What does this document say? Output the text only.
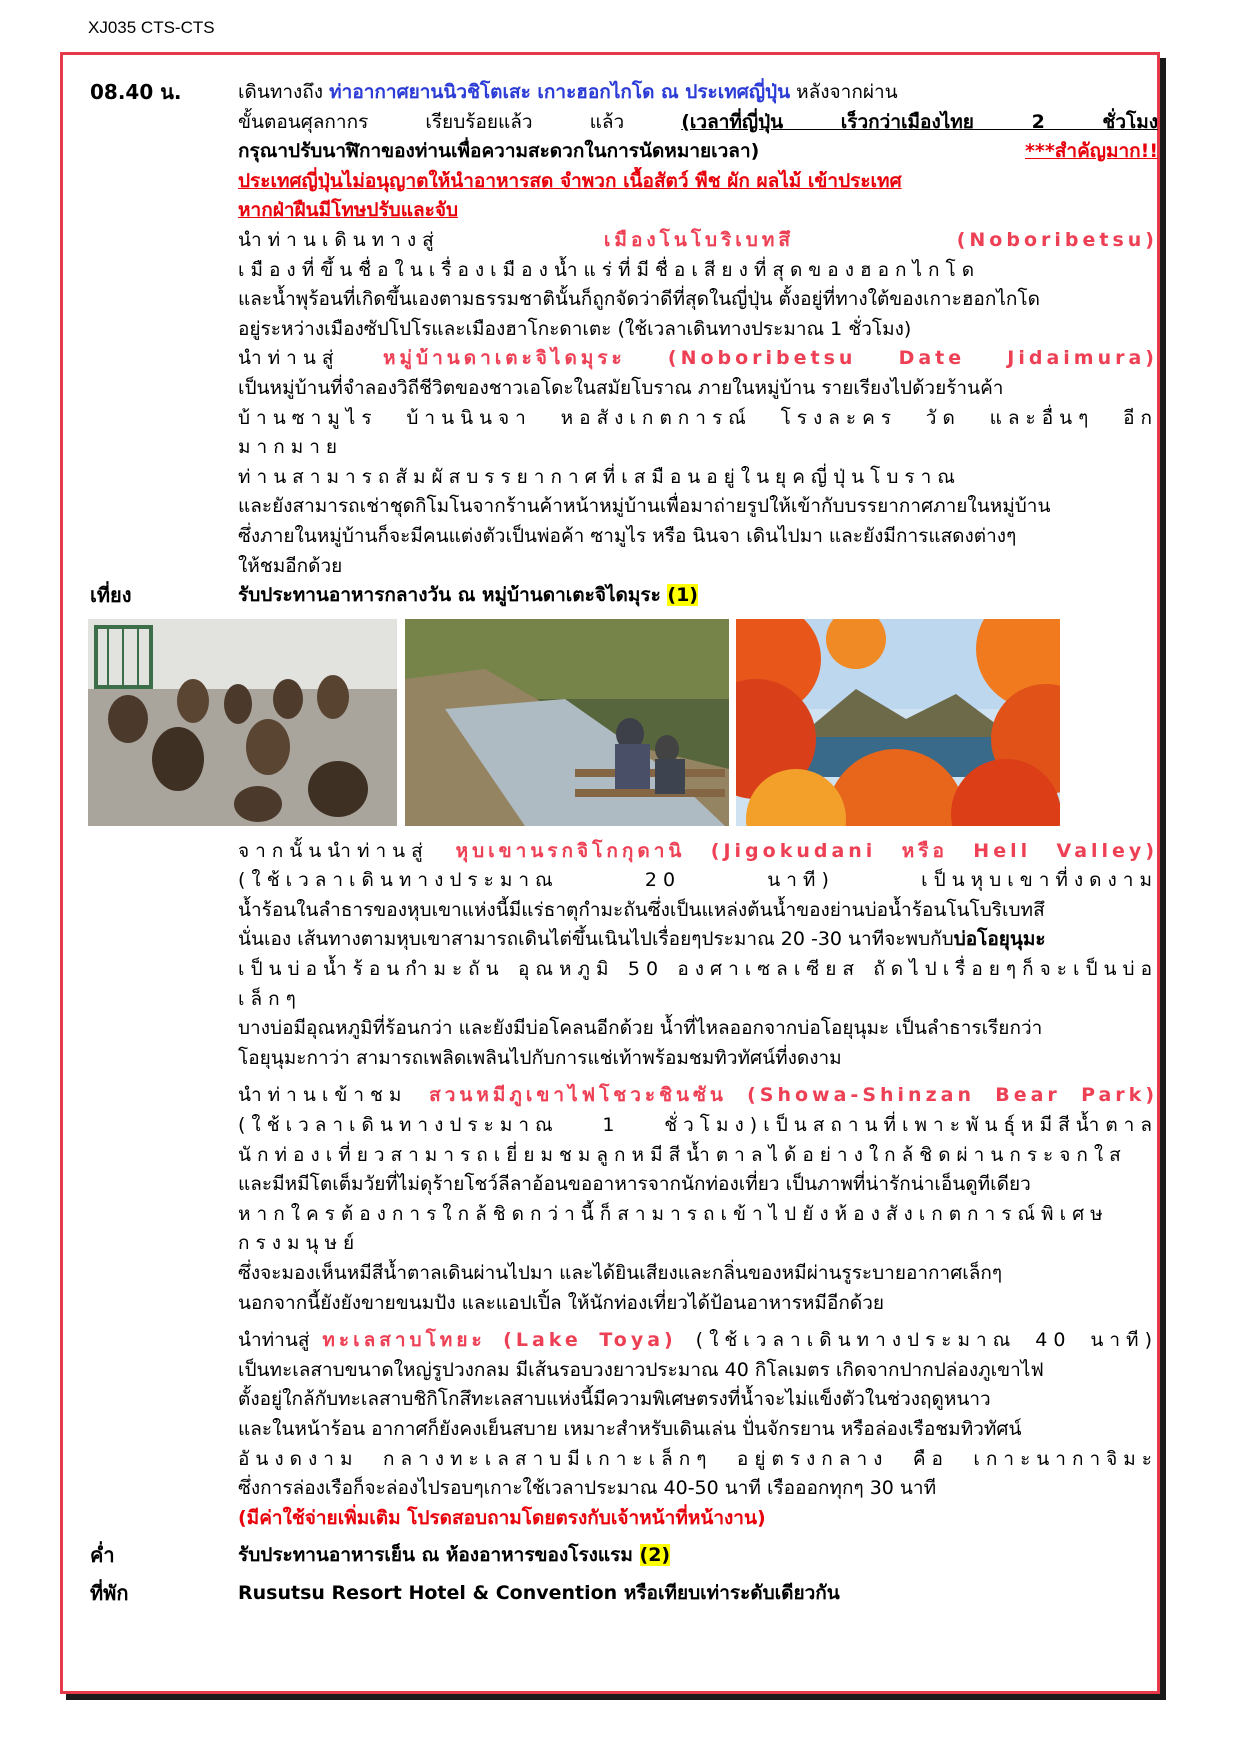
XJ035 CTS-CTS
08.40 น.	เดินทางถึง ท่าอากาศยานนิวชิโตเสะ เกาะฮอกไกโด ณ ประเทศญี่ปุ่น หลังจากผ่าน
ขั้นตอนศุลกากร เรียบร้อยแล้ว แล้ว (เวลาที่ญี่ปุ่น เร็วกว่าเมืองไทย 2 ชั่วโมง
กรุณาปรับนาฬิกาของท่านเพื่อความสะดวกในการนัดหมายเวลา) ***สำคัญมาก!!
ประเทศญี่ปุ่นไม่อนุญาตให้นำอาหารสด จำพวก เนื้อสัตว์ พืช ผัก ผลไม้ เข้าประเทศ
หากฝ่าฝืนมีโทษปรับและจับ
นำท่านเดินทางสู่ เมืองโนโบริเบทสึ (Noboribetsu)
เมืองที่ขึ้นชื่อในเรื่องเมืองน้ำแร่ที่มีชื่อเสียงที่สุดของฮอกไกโด
และน้ำพุร้อนที่เกิดขึ้นเองตามธรรมชาตินั้นก็ถูกจัดว่าดีที่สุดในญี่ปุ่น ตั้งอยู่ที่ทางใต้ของเกาะฮอกไกโด
อยู่ระหว่างเมืองซัปโปโรและเมืองฮาโกะดาเตะ (ใช้เวลาเดินทางประมาณ 1 ชั่วโมง)
นำท่านสู่ หมู่บ้านดาเตะจิไดมุระ (Noboribetsu Date Jidaimura)
เป็นหมู่บ้านที่จำลองวิถีชีวิตของชาวเอโดะในสมัยโบราณ ภายในหมู่บ้าน รายเรียงไปด้วยร้านค้า
บ้านซามูไร บ้านนินจา หอสังเกตการณ์ โรงละคร วัด และอื่นๆ อีกมากมาย
ท่านสามารถสัมผัสบรรยากาศที่เสมือนอยู่ในยุคญี่ปุ่นโบราณ
และยังสามารถเช่าชุดกิโมโนจากร้านค้าหน้าหมู่บ้านเพื่อมาถ่ายรูปให้เข้ากับบรรยากาศภายในหมู่บ้าน
ซึ่งภายในหมู่บ้านก็จะมีคนแต่งตัวเป็นพ่อค้า ซามูไร หรือ นินจา เดินไปมา และยังมีการแสดงต่างๆ
ให้ชมอีกด้วย
เที่ยง	รับประทานอาหารกลางวัน ณ หมู่บ้านดาเตะจิไดมุระ (1)
จากนั้นนำท่านสู่ หุบเขานรกจิโกกุดานิ (Jigokudani หรือ Hell Valley)
(ใช้เวลาเดินทางประมาณ 20 นาที) เป็นหุบเขาที่งดงาม
น้ำร้อนในลำธารของหุบเขาแห่งนี้มีแร่ธาตุกำมะถันซึ่งเป็นแหล่งต้นน้ำของย่านบ่อน้ำร้อนโนโบริเบทสึ
นั่นเอง เส้นทางตามหุบเขาสามารถเดินไต่ขึ้นเนินไปเรื่อยๆประมาณ 20 -30 นาทีจะพบกับบ่อโอยุนุมะ
เป็นบ่อน้ำร้อนกำมะถัน อุณหภูมิ 50 องศาเซลเซียส ถัดไปเรื่อยๆก็จะเป็นบ่อเล็กๆ
บางบ่อมีอุณหภูมิที่ร้อนกว่า และยังมีบ่อโคลนอีกด้วย น้ำที่ไหลออกจากบ่อโอยุนุมะ เป็นลำธารเรียกว่า
โอยุนุมะกาว่า สามารถเพลิดเพลินไปกับการแช่เท้าพร้อมชมทิวทัศน์ที่งดงาม
นำท่านเข้าชม สวนหมีภูเขาไฟโชวะชินซัน (Showa-Shinzan Bear Park)
(ใช้เวลาเดินทางประมาณ 1 ชั่วโมง)เป็นสถานที่เพาะพันธุ์หมีสีน้ำตาล
นักท่องเที่ยวสามารถเยี่ยมชมลูกหมีสีน้ำตาลได้อย่างใกล้ชิดผ่านกระจกใส
และมีหมีโตเต็มวัยที่ไม่ดุร้ายโชว์ลีลาอ้อนขออาหารจากนักท่องเที่ยว เป็นภาพที่น่ารักน่าเอ็นดูทีเดียว
หากใครต้องการใกล้ชิดกว่านี้ก็สามารถเข้าไปยังห้องสังเกตการณ์พิเศษ กรงมนุษย์
ซึ่งจะมองเห็นหมีสีน้ำตาลเดินผ่านไปมา และได้ยินเสียงและกลิ่นของหมีผ่านรูระบายอากาศเล็กๆ
นอกจากนี้ยังยังขายขนมปัง และแอปเปิ้ล ให้นักท่องเที่ยวได้ป้อนอาหารหมีอีกด้วย
นำท่านสู่ ทะเลสาบโทยะ (Lake Toya) (ใช้เวลาเดินทางประมาณ 40 นาที)
เป็นทะเลสาบขนาดใหญ่รูปวงกลม มีเส้นรอบวงยาวประมาณ 40 กิโลเมตร เกิดจากปากปล่องภูเขาไฟ
ตั้งอยู่ใกล้กับทะเลสาบชิกิโกสึทะเลสาบแห่งนี้มีความพิเศษตรงที่น้ำจะไม่แข็งตัวในช่วงฤดูหนาว
และในหน้าร้อน อากาศก็ยังคงเย็นสบาย เหมาะสำหรับเดินเล่น ปั่นจักรยาน หรือล่องเรือชมทิวทัศน์
อันงดงาม กลางทะเลสาบมีเกาะเล็กๆ อยู่ตรงกลาง คือ เกาะนากาจิมะ
ซึ่งการล่องเรือก็จะล่องไปรอบๆเกาะใช้เวลาประมาณ 40-50 นาที เรือออกทุกๆ 30 นาที
(มีค่าใช้จ่ายเพิ่มเติม โปรดสอบถามโดยตรงกับเจ้าหน้าที่หน้างาน)
ค่ำ	รับประทานอาหารเย็น ณ ห้องอาหารของโรงแรม (2)
ที่พัก	Rusutsu Resort Hotel & Convention หรือเทียบเท่าระดับเดียวกัน
